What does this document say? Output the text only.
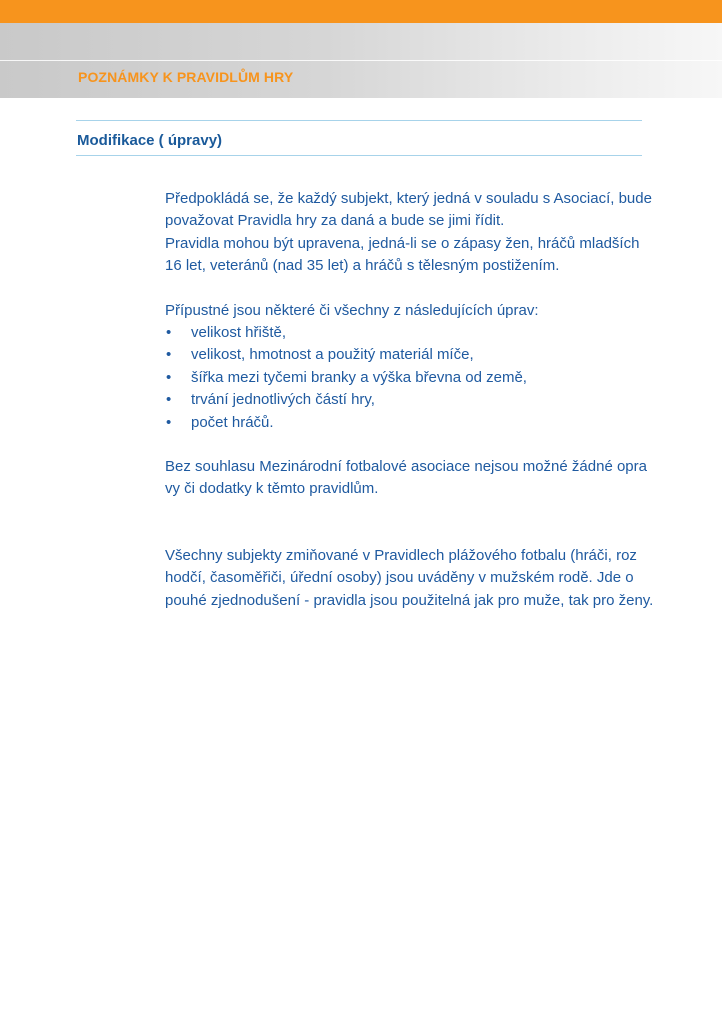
POZNÁMKY K PRAVIDLŮM HRY
Modifikace ( úpravy)

Předpokládá se, že každý subjekt, který jedná v souladu s Asociací, bude
považovat Pravidla hry za daná a bude se jimi řídit.
Pravidla mohou být upravena, jedná-li se o zápasy žen, hráčů mladších
16 let, veteránů (nad 35 let) a hráčů s tělesným postižením.

Přípustné jsou některé či všechny z následujících úprav:

• velikost hřiště,
• velikost, hmotnost a použitý materiál míče,
• šířka mezi tyčemi branky a výška břevna od země,
• trvání jednotlivých částí hry,
• počet hráčů.

Bez souhlasu Mezinárodní fotbalové asociace nejsou možné žádné opra
vy či dodatky k těmto pravidlům.

Všechny subjekty zmiňované v Pravidlech plážového fotbalu (hráči, roz
hodčí, časoměřiči, úřední osoby) jsou uváděny v mužském rodě. Jde o
pouhé zjednodušení - pravidla jsou použitelná jak pro muže, tak pro ženy.
